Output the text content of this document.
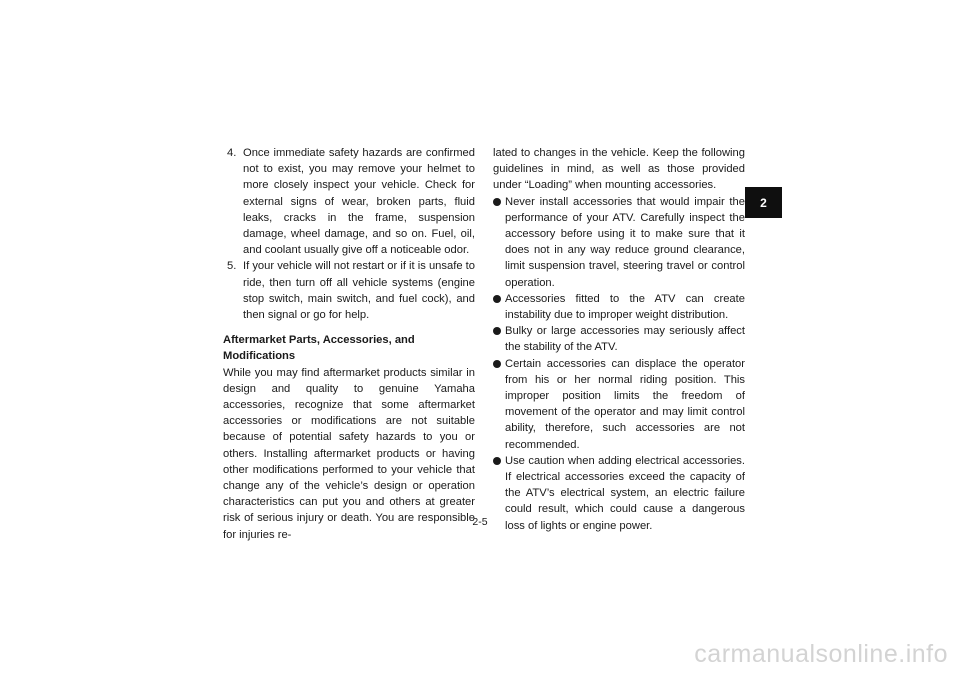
4. Once immediate safety hazards are confirmed not to exist, you may remove your helmet to more closely inspect your vehicle. Check for external signs of wear, broken parts, fluid leaks, cracks in the frame, suspension damage, wheel damage, and so on. Fuel, oil, and coolant usually give off a noticeable odor.
5. If your vehicle will not restart or if it is unsafe to ride, then turn off all vehicle systems (engine stop switch, main switch, and fuel cock), and then signal or go for help.
Aftermarket Parts, Accessories, and Modifications
While you may find aftermarket products similar in design and quality to genuine Yamaha accessories, recognize that some aftermarket accessories or modifications are not suitable because of potential safety hazards to you or others. Installing aftermarket products or having other modifications performed to your vehicle that change any of the vehicle’s design or operation characteristics can put you and others at greater risk of serious injury or death. You are responsible for injuries re-
lated to changes in the vehicle. Keep the following guidelines in mind, as well as those provided under “Loading” when mounting accessories.
Never install accessories that would impair the performance of your ATV. Carefully inspect the accessory before using it to make sure that it does not in any way reduce ground clearance, limit suspension travel, steering travel or control operation.
Accessories fitted to the ATV can create instability due to improper weight distribution.
Bulky or large accessories may seriously affect the stability of the ATV.
Certain accessories can displace the operator from his or her normal riding position. This improper position limits the freedom of movement of the operator and may limit control ability, therefore, such accessories are not recommended.
Use caution when adding electrical accessories. If electrical accessories exceed the capacity of the ATV’s electrical system, an electric failure could result, which could cause a dangerous loss of lights or engine power.
2
2-5
carmanualsonline.info
